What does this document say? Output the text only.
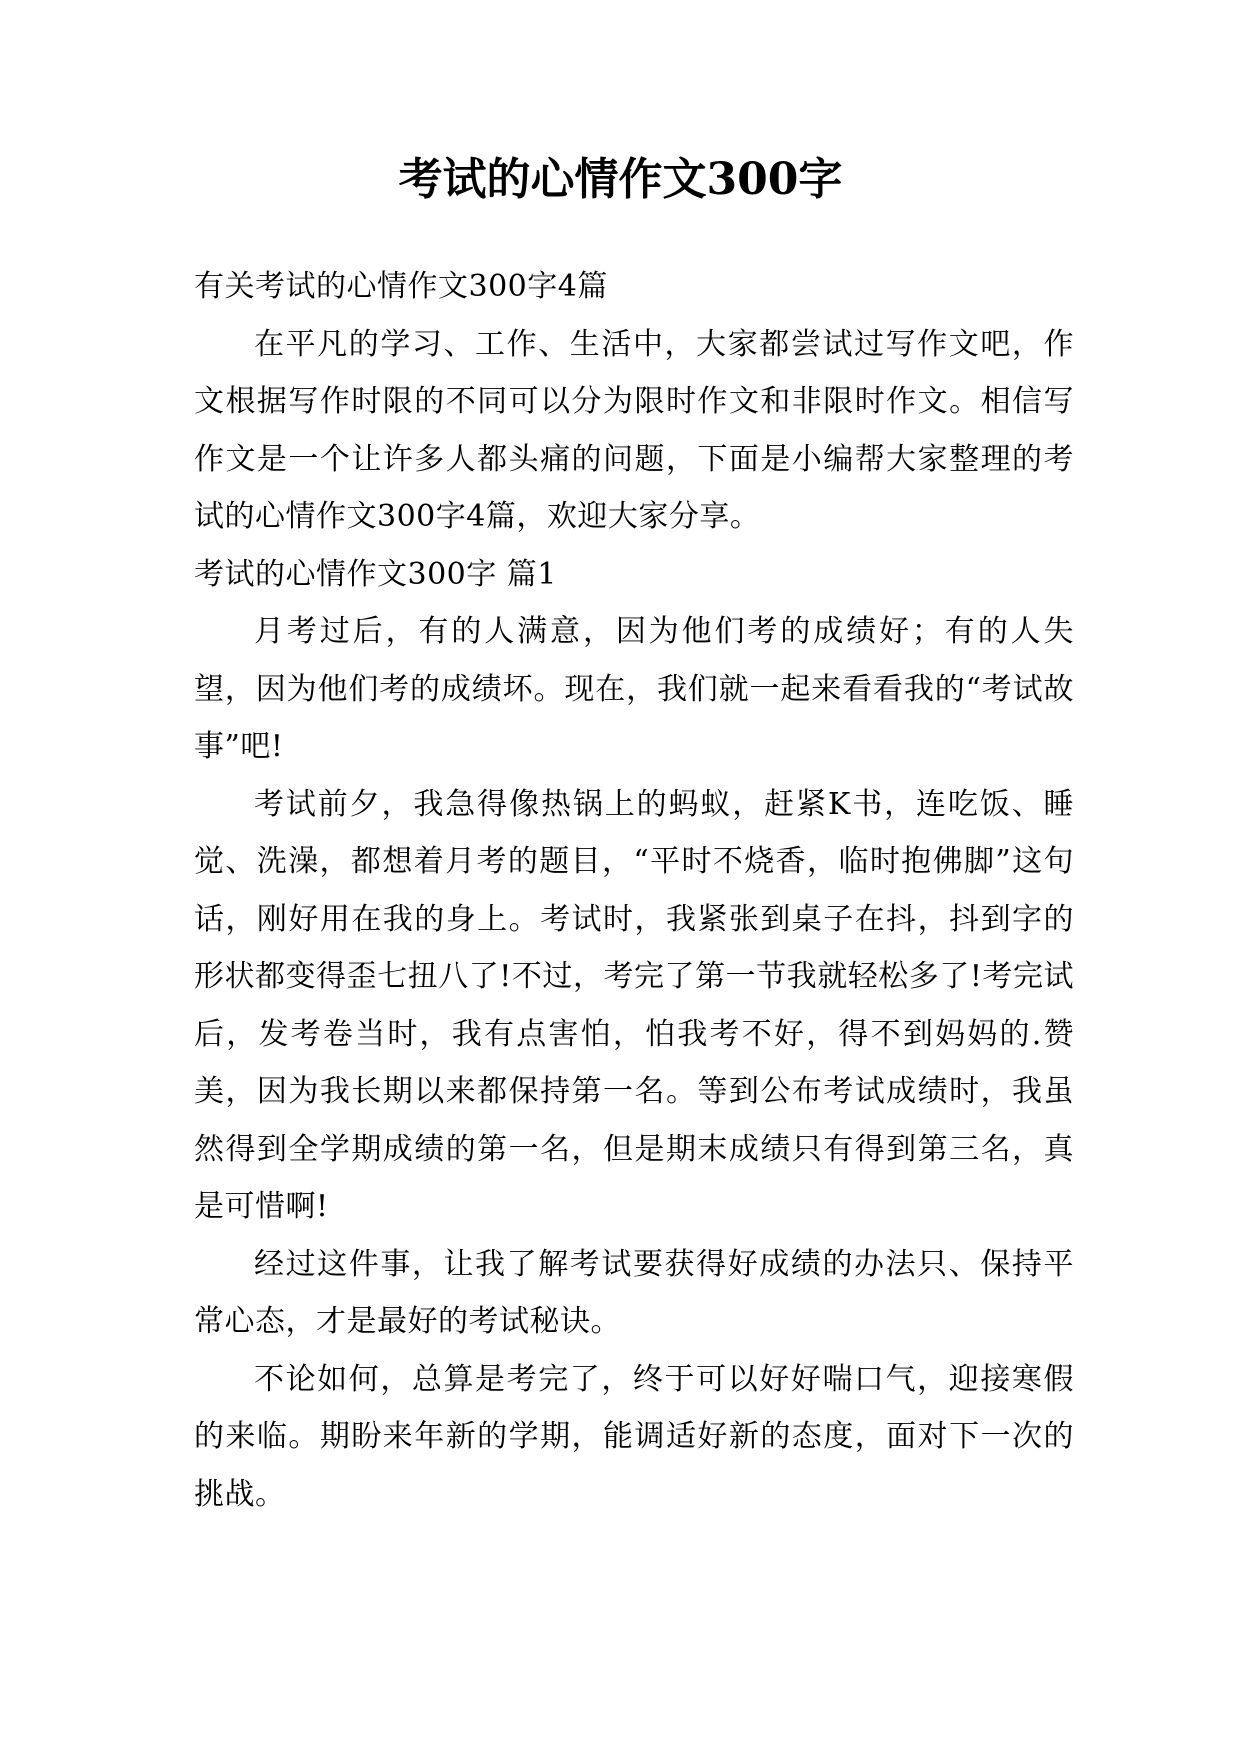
考试的心情作文300字

有关考试的心情作文300字4篇

在平凡的学习、工作、生活中，大家都尝试过写作文吧，作文根据写作时限的不同可以分为限时作文和非限时作文。相信写作文是一个让许多人都头痛的问题，下面是小编帮大家整理的考试的心情作文300字4篇，欢迎大家分享。

考试的心情作文300字 篇1

月考过后，有的人满意，因为他们考的成绩好；有的人失望，因为他们考的成绩坏。现在，我们就一起来看看我的“考试故事”吧!

考试前夕，我急得像热锅上的蚂蚁，赶紧K书，连吃饭、睡觉、洗澡，都想着月考的题目，“平时不烧香，临时抱佛脚”这句话，刚好用在我的身上。考试时，我紧张到桌子在抖，抖到字的形状都变得歪七扭八了!不过，考完了第一节我就轻松多了!考完试后，发考卷当时，我有点害怕，怕我考不好，得不到妈妈的.赞美，因为我长期以来都保持第一名。等到公布考试成绩时，我虽然得到全学期成绩的第一名，但是期末成绩只有得到第三名，真是可惜啊!

经过这件事，让我了解考试要获得好成绩的办法只、保持平常心态，才是最好的考试秘诀。

不论如何，总算是考完了，终于可以好好喘口气，迎接寒假的来临。期盼来年新的学期，能调适好新的态度，面对下一次的挑战。
